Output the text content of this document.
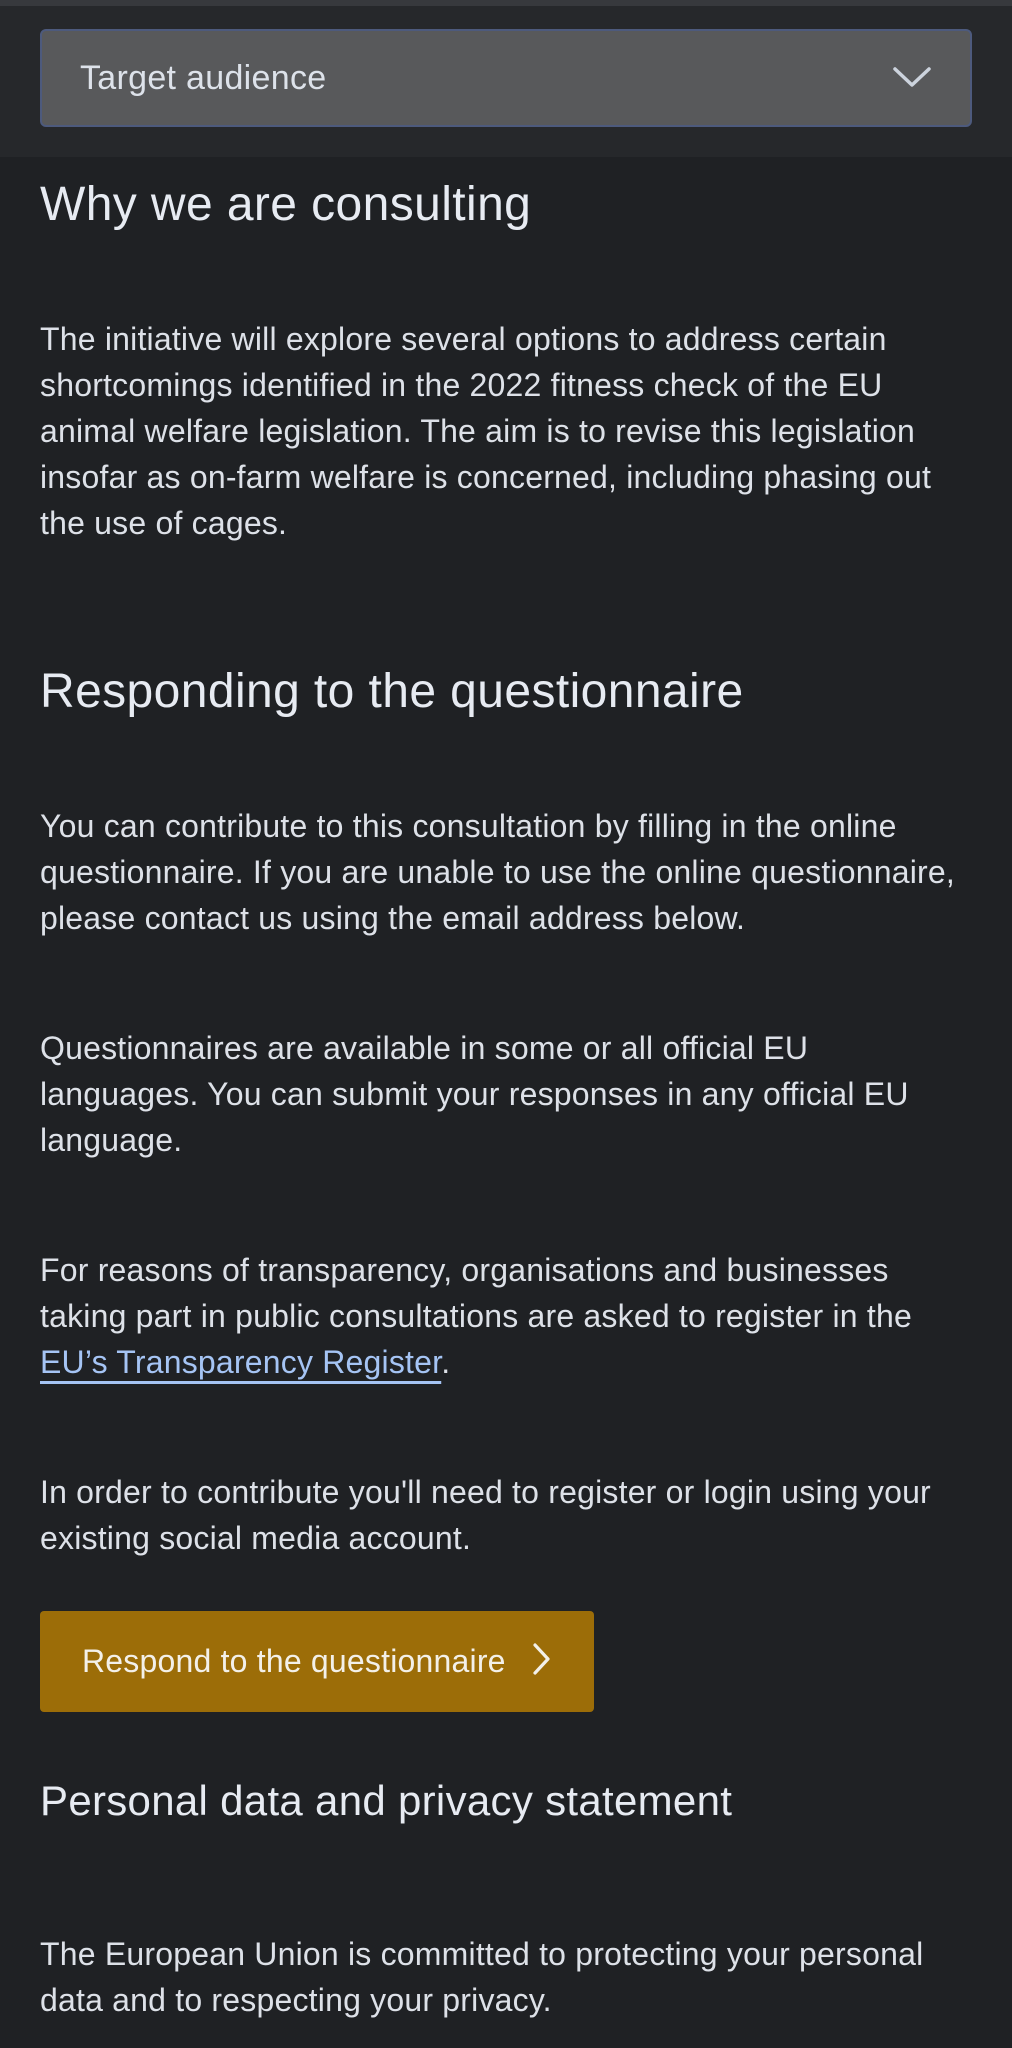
Target audience
Why we are consulting

The initiative will explore several options to address certain shortcomings identified in the 2022 fitness check of the EU animal welfare legislation. The aim is to revise this legislation insofar as on-farm welfare is concerned, including phasing out the use of cages.

Responding to the questionnaire

You can contribute to this consultation by filling in the online questionnaire. If you are unable to use the online questionnaire, please contact us using the email address below.

Questionnaires are available in some or all official EU languages. You can submit your responses in any official EU language.

For reasons of transparency, organisations and businesses taking part in public consultations are asked to register in the EU’s Transparency Register.

In order to contribute you'll need to register or login using your existing social media account.

Respond to the questionnaire
Personal data and privacy statement

The European Union is committed to protecting your personal data and to respecting your privacy.
